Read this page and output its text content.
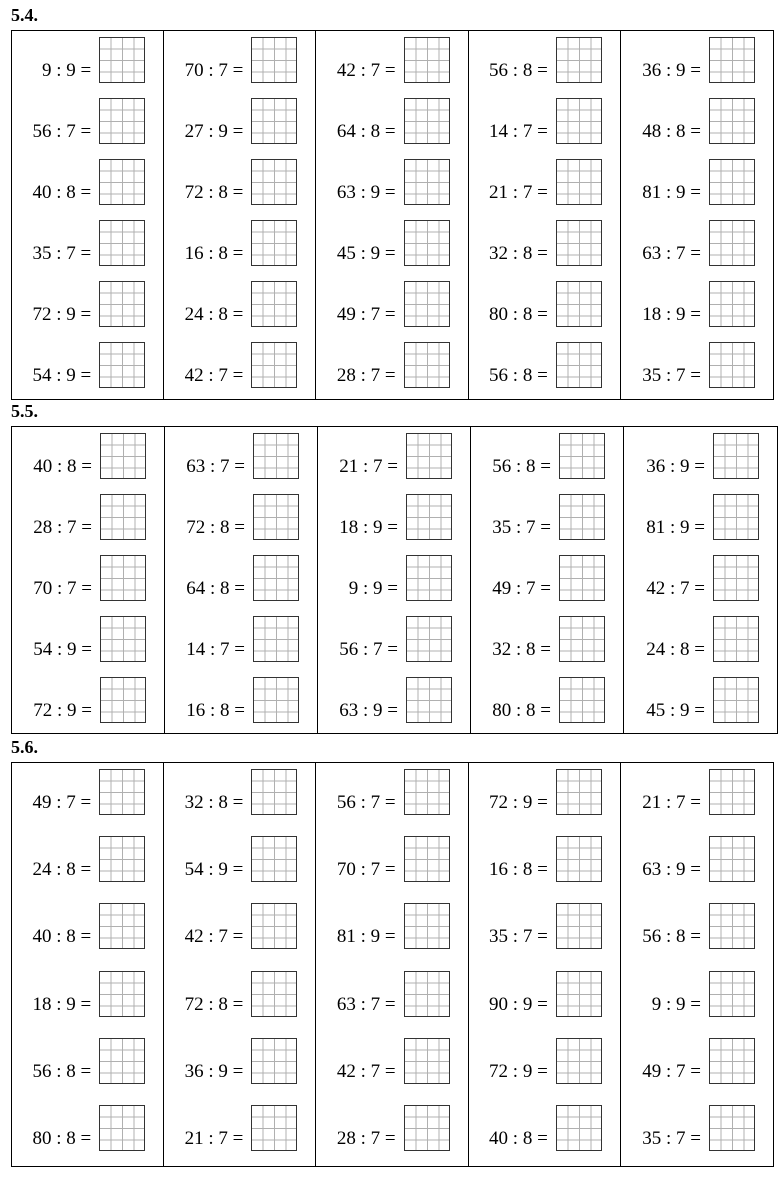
5.4.
9 : 9 =
56 : 7 =
40 : 8 =
35 : 7 =
72 : 9 =
54 : 9 =
70 : 7 =
27 : 9 =
72 : 8 =
16 : 8 =
24 : 8 =
42 : 7 =
42 : 7 =
64 : 8 =
63 : 9 =
45 : 9 =
49 : 7 =
28 : 7 =
56 : 8 =
14 : 7 =
21 : 7 =
32 : 8 =
80 : 8 =
56 : 8 =
36 : 9 =
48 : 8 =
81 : 9 =
63 : 7 =
18 : 9 =
35 : 7 =
5.5.
40 : 8 =
28 : 7 =
70 : 7 =
54 : 9 =
72 : 9 =
63 : 7 =
72 : 8 =
64 : 8 =
14 : 7 =
16 : 8 =
21 : 7 =
18 : 9 =
9 : 9 =
56 : 7 =
63 : 9 =
56 : 8 =
35 : 7 =
49 : 7 =
32 : 8 =
80 : 8 =
36 : 9 =
81 : 9 =
42 : 7 =
24 : 8 =
45 : 9 =
5.6.
49 : 7 =
24 : 8 =
40 : 8 =
18 : 9 =
56 : 8 =
80 : 8 =
32 : 8 =
54 : 9 =
42 : 7 =
72 : 8 =
36 : 9 =
21 : 7 =
56 : 7 =
70 : 7 =
81 : 9 =
63 : 7 =
42 : 7 =
28 : 7 =
72 : 9 =
16 : 8 =
35 : 7 =
90 : 9 =
72 : 9 =
40 : 8 =
21 : 7 =
63 : 9 =
56 : 8 =
9 : 9 =
49 : 7 =
35 : 7 =
